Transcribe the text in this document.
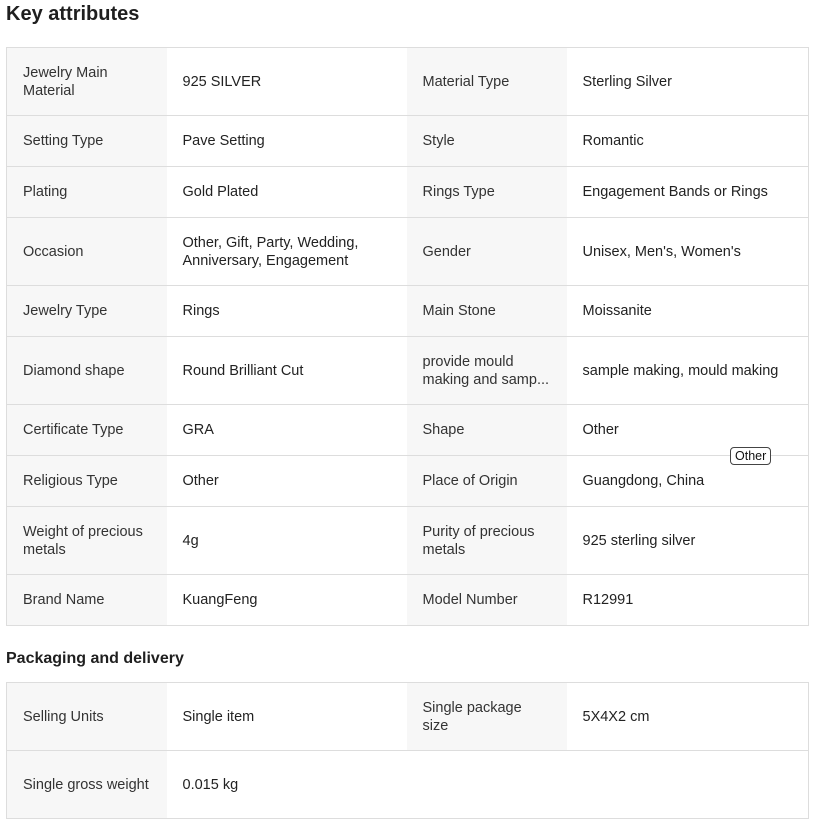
Key attributes
Jewelry Main Material	925 SILVER	Material Type	Sterling Silver
Setting Type	Pave Setting	Style	Romantic
Plating	Gold Plated	Rings Type	Engagement Bands or Rings
Occasion	Other, Gift, Party, Wedding, Anniversary, Engagement	Gender	Unisex, Men's, Women's
Jewelry Type	Rings	Main Stone	Moissanite
Diamond shape	Round Brilliant Cut	provide mould making and samp...	sample making, mould making
Certificate Type	GRA	Shape	Other
Religious Type	Other	Place of Origin	Guangdong, China
Weight of precious metals	4g	Purity of precious metals	925 sterling silver
Brand Name	KuangFeng	Model Number	R12991
Packaging and delivery
Selling Units	Single item	Single package size	5X4X2 cm
Single gross weight	0.015 kg		
Other
